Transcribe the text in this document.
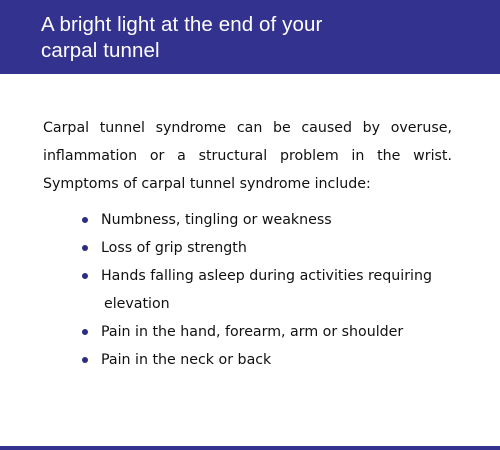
A bright light at the end of your
carpal tunnel

Carpal tunnel syndrome can be caused by overuse, inflammation or a structural problem in the wrist. Symptoms of carpal tunnel syndrome include:

Numbness, tingling or weakness
Loss of grip strength
Hands falling asleep during activities requiring
elevation
Pain in the hand, forearm, arm or shoulder
Pain in the neck or back
